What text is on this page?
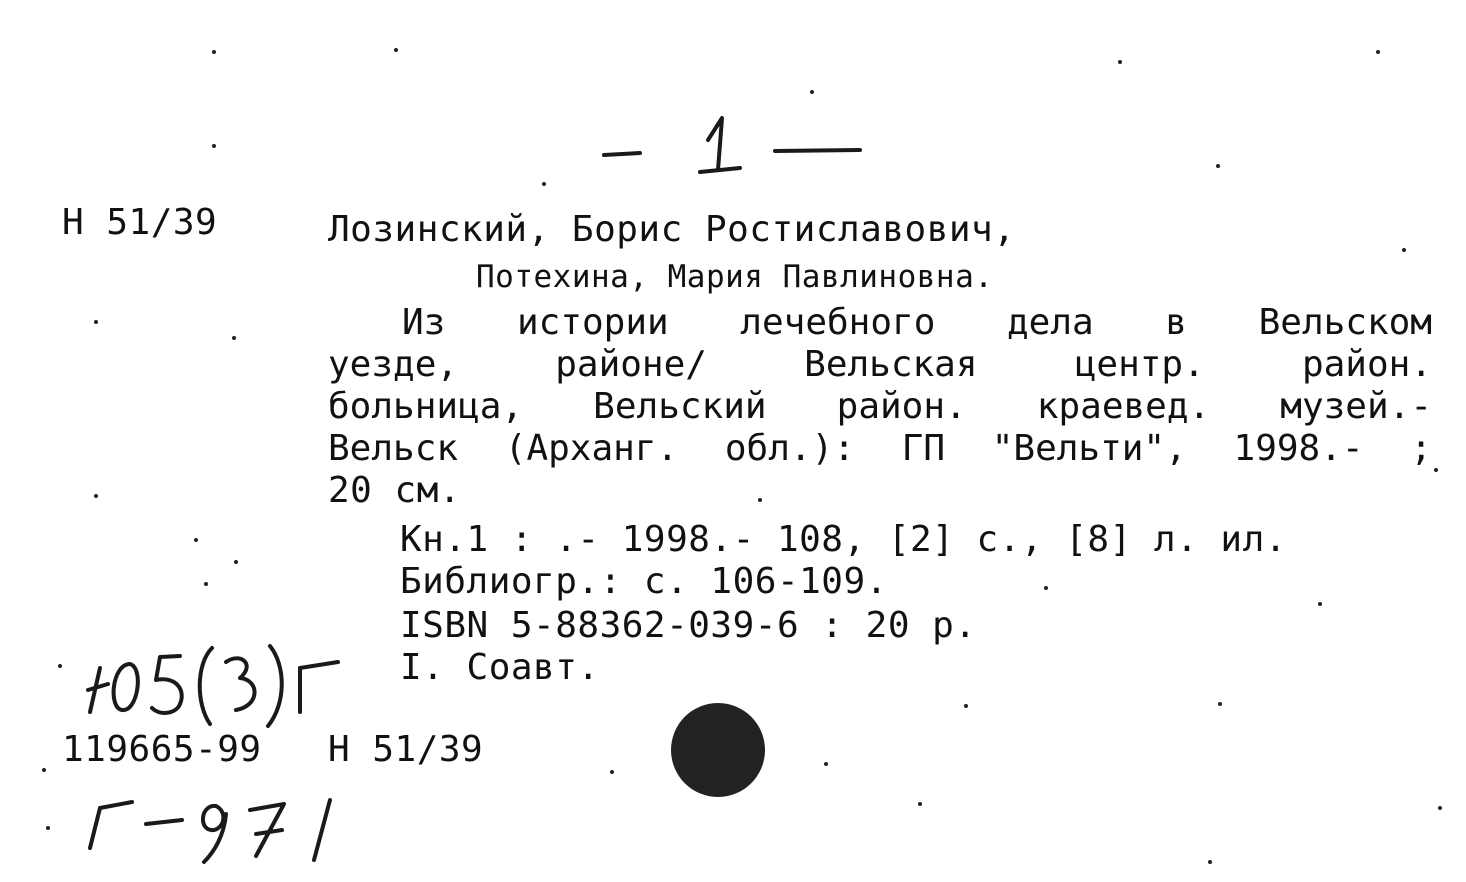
Н 51/39	Лозинский, Борис Ростиславович,
Потехина, Мария Павлиновна.
Из истории лечебного дела в Вельском
уезде,	районе/	Вельская	центр.	район.
больница, Вельский район. краевед. музей.-
Вельск (Арханг. обл.): ГП "Вельти", 1998.- ;
20 см.
Кн.1 : .- 1998.- 108, [2] с., [8] л. ил.
Библиогр.: с. 106-109.
ISBN 5-88362-039-6 : 20 р.
I. Соавт.
119665-99 Н 51/39
